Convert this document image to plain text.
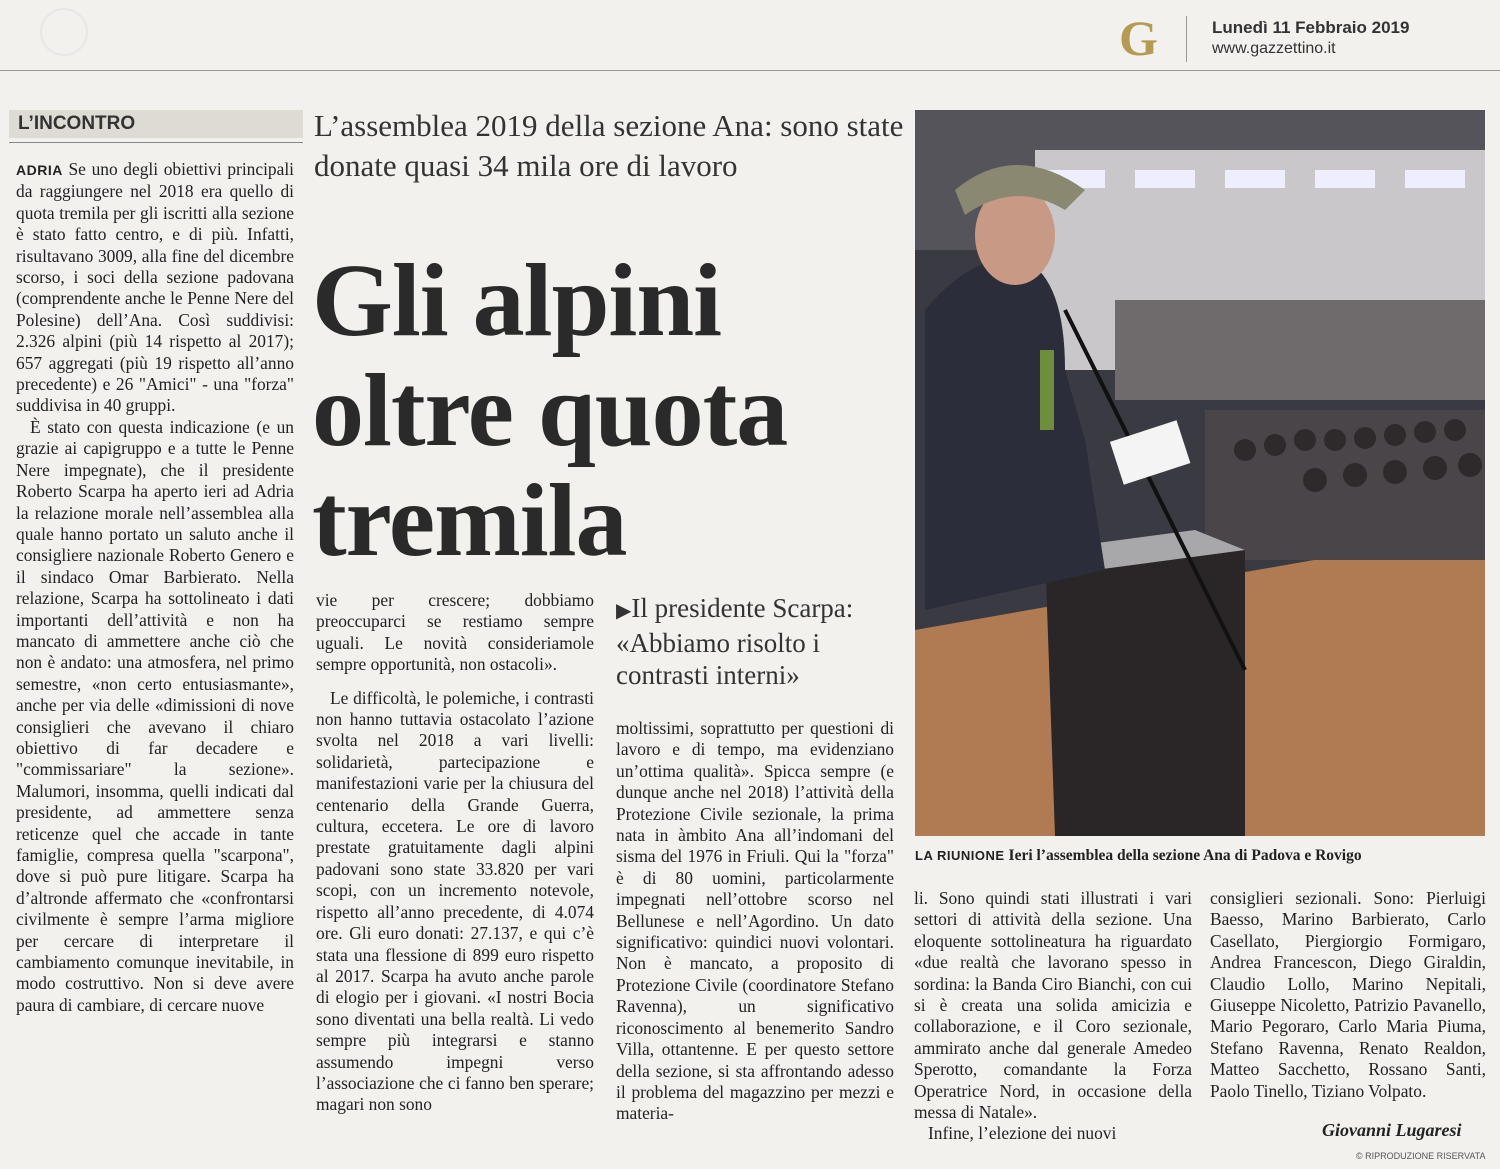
G	Lunedì 11 Febbraio 2019
www.gazzettino.it
L’INCONTRO	L’assemblea 2019 della sezione Ana: sono state donate quasi 34 mila ore di lavoro
Gli alpini
oltre quota
tremila

ADRIA Se uno degli obiettivi principali da raggiungere nel 2018 era quello di quota tremila per gli iscritti alla sezione è stato fatto centro, e di più. Infatti, risultavano 3009, alla fine del dicembre scorso, i soci della sezione padovana (comprendente anche le Penne Nere del Polesine) dell’Ana. Così suddivisi: 2.326 alpini (più 14 rispetto al 2017); 657 aggregati (più 19 rispetto all’anno precedente) e 26 "Amici" - una "forza" suddivisa in 40 gruppi.

È stato con questa indicazione (e un grazie ai capigruppo e a tutte le Penne Nere impegnate), che il presidente Roberto Scarpa ha aperto ieri ad Adria la relazione morale nell’assemblea alla quale hanno portato un saluto anche il consigliere nazionale Roberto Genero e il sindaco Omar Barbierato. Nella relazione, Scarpa ha sottolineato i dati importanti dell’attività e non ha mancato di ammettere anche ciò che non è andato: una atmosfera, nel primo semestre, «non certo entusiasmante», anche per via delle «dimissioni di nove consiglieri che avevano il chiaro obiettivo di far decadere e "commissariare" la sezione». Malumori, insomma, quelli indicati dal presidente, ad ammettere senza reticenze quel che accade in tante famiglie, compresa quella "scarpona", dove si può pure litigare. Scarpa ha d’altronde affermato che «confrontarsi civilmente è sempre l’arma migliore per cercare di interpretare il cambiamento comunque inevitabile, in modo costruttivo. Non si deve avere paura di cambiare, di cercare nuove

vie per crescere; dobbiamo preoccuparci se restiamo sempre uguali. Le novità consideriamole sempre opportunità, non ostacoli».

Le difficoltà, le polemiche, i contrasti non hanno tuttavia ostacolato l’azione svolta nel 2018 a vari livelli: solidarietà, partecipazione e manifestazioni varie per la chiusura del centenario della Grande Guerra, cultura, eccetera. Le ore di lavoro prestate gratuitamente dagli alpini padovani sono state 33.820 per vari scopi, con un incremento notevole, rispetto all’anno precedente, di 4.074 ore. Gli euro donati: 27.137, e qui c’è stata una flessione di 899 euro rispetto al 2017. Scarpa ha avuto anche parole di elogio per i giovani. «I nostri Bocia sono diventati una bella realtà. Li vedo sempre più integrarsi e stanno assumendo impegni verso l’associazione che ci fanno ben sperare; magari non sono

▶Il presidente Scarpa: «Abbiamo risolto i contrasti interni»

moltissimi, soprattutto per questioni di lavoro e di tempo, ma evidenziano un’ottima qualità». Spicca sempre (e dunque anche nel 2018) l’attività della Protezione Civile sezionale, la prima nata in àmbito Ana all’indomani del sisma del 1976 in Friuli. Qui la "forza" è di 80 uomini, particolarmente impegnati nell’ottobre scorso nel Bellunese e nell’Agordino. Un dato significativo: quindici nuovi volontari. Non è mancato, a proposito di Protezione Civile (coordinatore Stefano Ravenna), un significativo riconoscimento al benemerito Sandro Villa, ottantenne. E per questo settore della sezione, si sta affrontando adesso il problema del magazzino per mezzi e materia-

LA RIUNIONE Ieri l’assemblea della sezione Ana di Padova e Rovigo

li. Sono quindi stati illustrati i vari settori di attività della sezione. Una eloquente sottolineatura ha riguardato «due realtà che lavorano spesso in sordina: la Banda Ciro Bianchi, con cui si è creata una solida amicizia e collaborazione, e il Coro sezionale, ammirato anche dal generale Amedeo Sperotto, comandante la Forza Operatrice Nord, in occasione della messa di Natale».

Infine, l’elezione dei nuovi

consiglieri sezionali. Sono: Pierluigi Baesso, Marino Barbierato, Carlo Casellato, Piergiorgio Formigaro, Andrea Francescon, Diego Giraldin, Claudio Lollo, Marino Nepitali, Giuseppe Nicoletto, Patrizio Pavanello, Mario Pegoraro, Carlo Maria Piuma, Stefano Ravenna, Renato Realdon, Matteo Sacchetto, Rossano Santi, Paolo Tinello, Tiziano Volpato.

Giovanni Lugaresi
© RIPRODUZIONE RISERVATA
